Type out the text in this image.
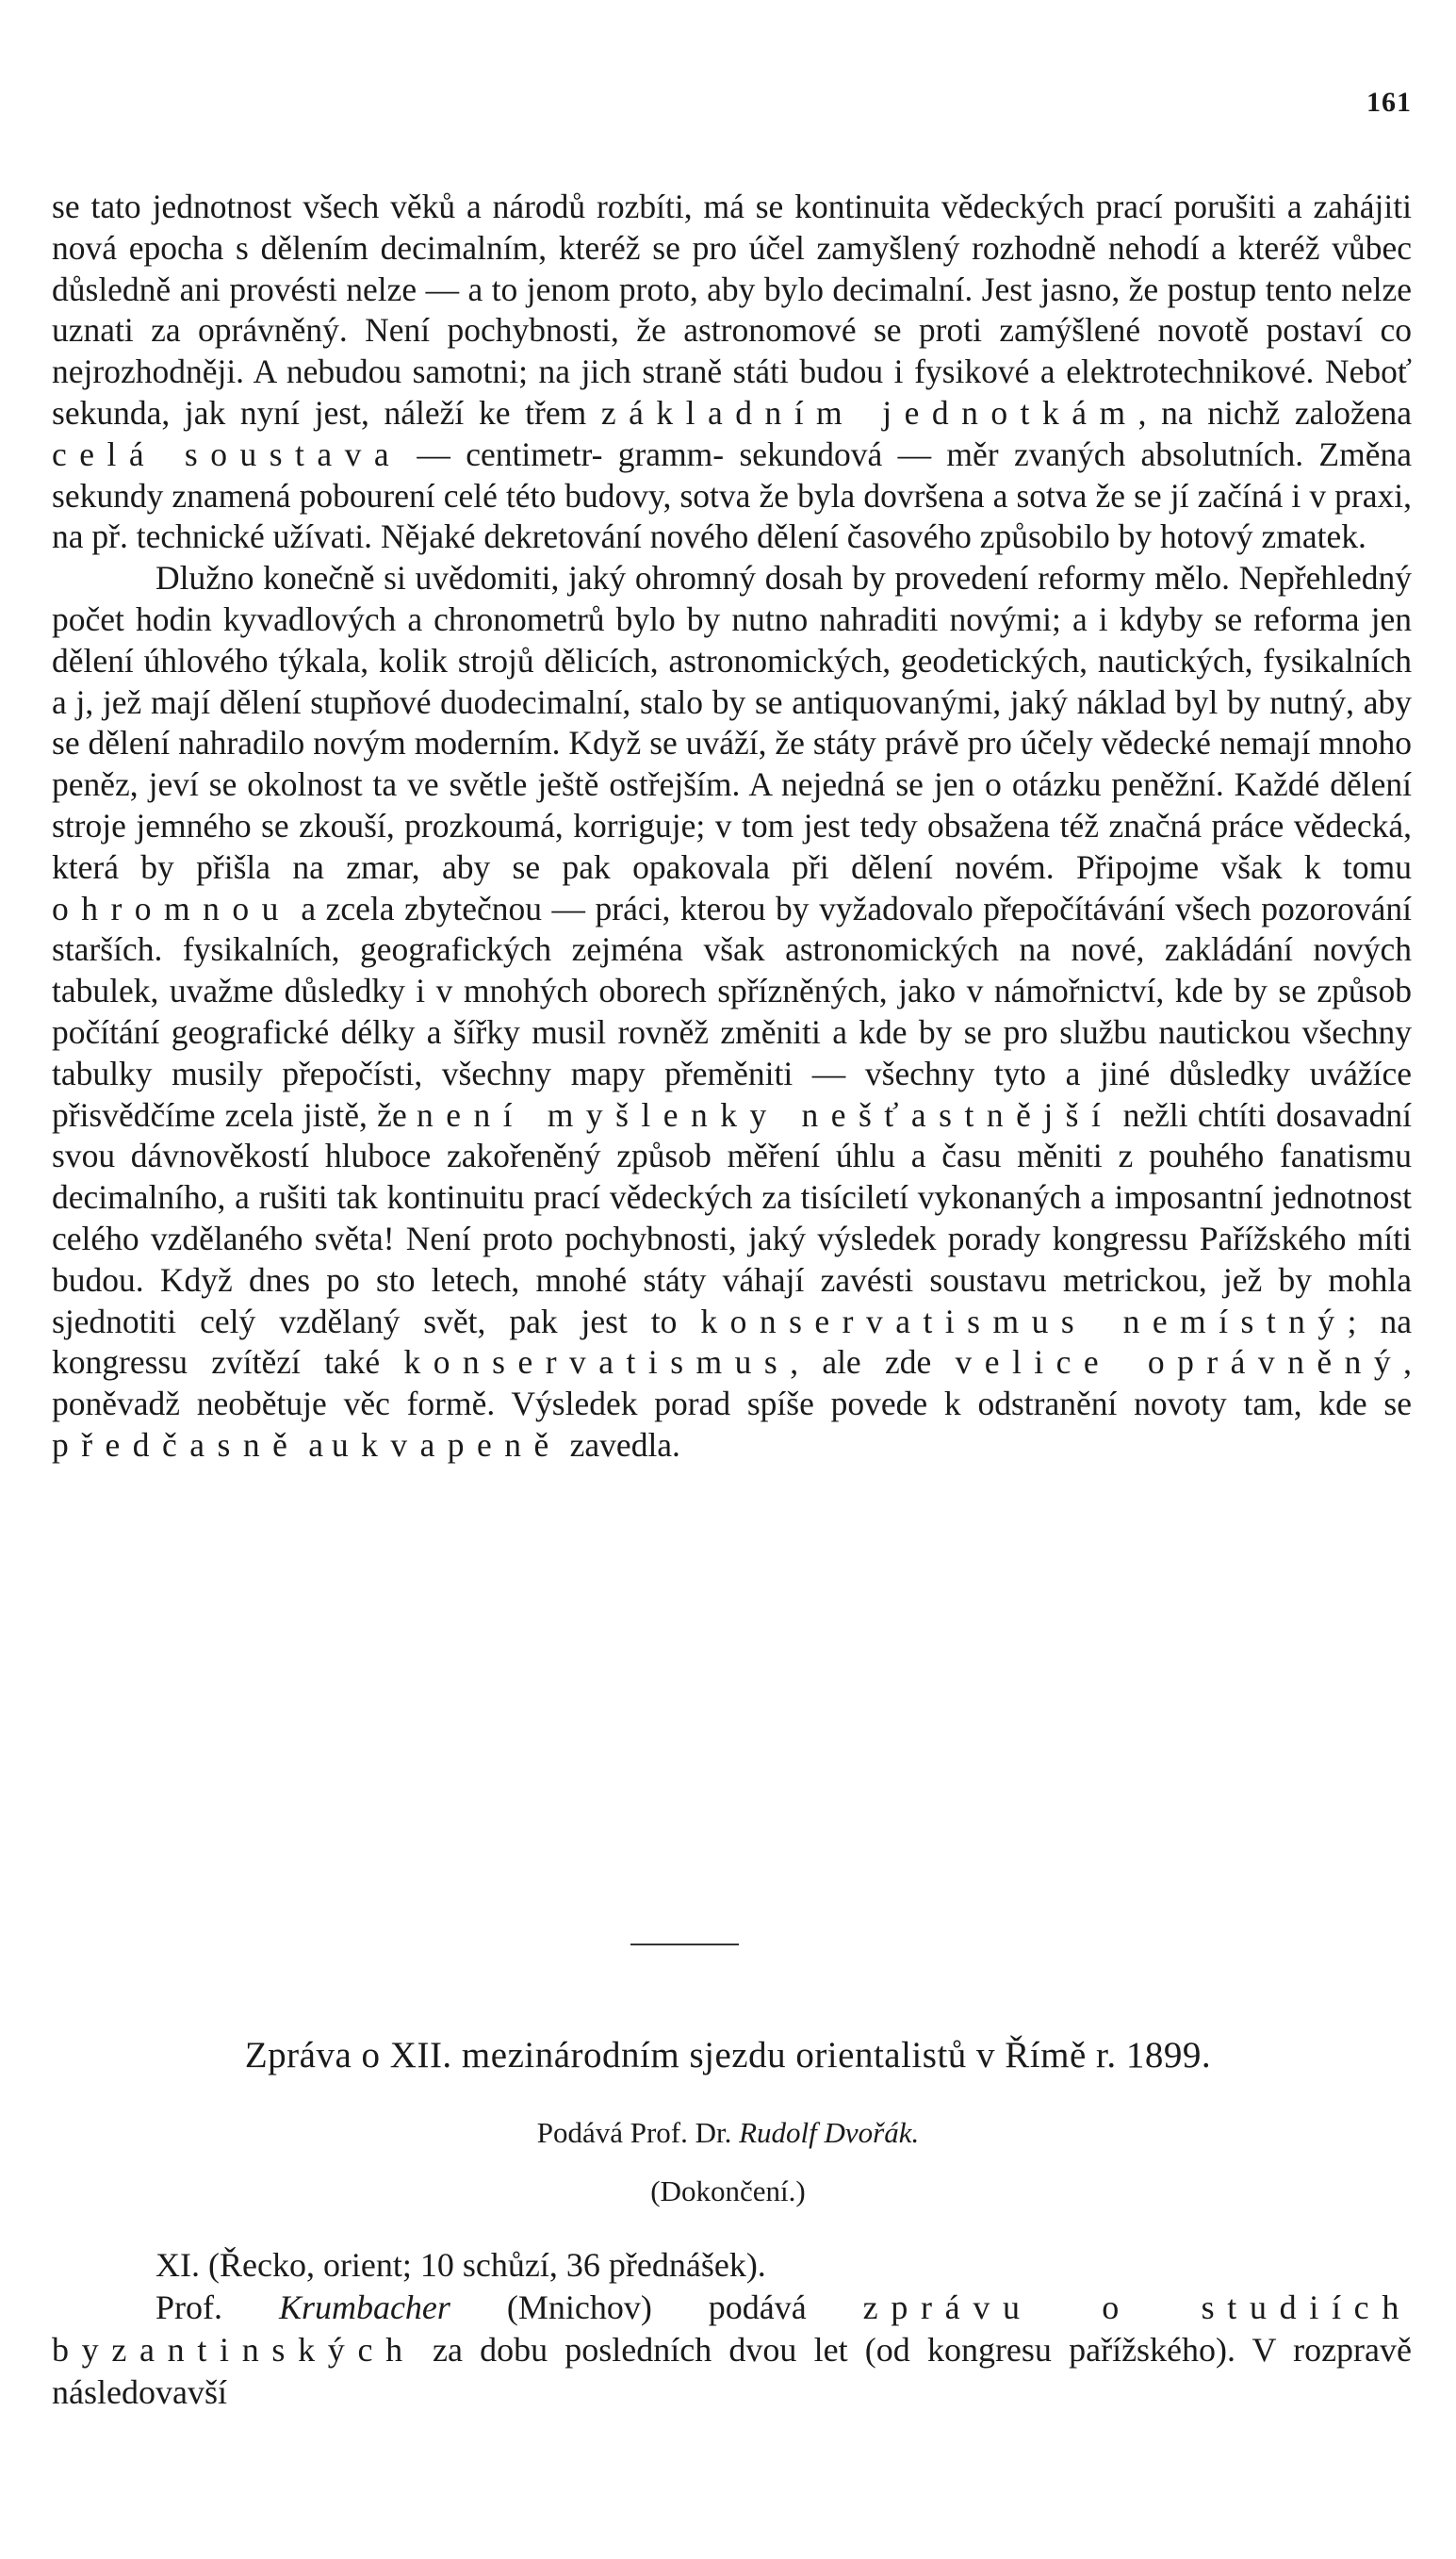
161

se tato jednotnost všech věků a národů rozbíti, má se kontinuita vědeckých prací porušiti a zahájiti nová epocha s dělením decimalním, kteréž se pro účel zamyšlený rozhodně nehodí a kteréž vůbec důsledně ani provésti nelze — a to jenom proto, aby bylo decimalní. Jest jasno, že postup tento nelze uznati za oprávněný. Není pochybnosti, že astronomové se proti zamýšlené novotě postaví co nejrozhodněji. A nebudou samotni; na jich straně státi budou i fysikové a elektrotechnikové. Neboť sekunda, jak nyní jest, náleží ke třem základním jednotkám, na nichž založena celá soustava — centimetr- gramm- sekundová — měr zvaných absolutních. Změna sekundy znamená pobourení celé této budovy, sotva že byla dovršena a sotva že se jí začíná i v praxi, na př. technické užívati. Nějaké dekretování nového dělení časového způsobilo by hotový zmatek.

Dlužno konečně si uvědomiti, jaký ohromný dosah by provedení reformy mělo. Nepřehledný počet hodin kyvadlových a chronometrů bylo by nutno nahraditi novými; a i kdyby se reforma jen dělení úhlového týkala, kolik strojů dělicích, astronomických, geodetických, nautických, fysikalních a j, jež mají dělení stupňové duodecimalní, stalo by se antiquovanými, jaký náklad byl by nutný, aby se dělení nahradilo novým moderním. Když se uváží, že státy právě pro účely vědecké nemají mnoho peněz, jeví se okolnost ta ve světle ještě ostřejším. A nejedná se jen o otázku peněžní. Každé dělení stroje jemného se zkouší, prozkoumá, korriguje; v tom jest tedy obsažena též značná práce vědecká, která by přišla na zmar, aby se pak opakovala při dělení novém. Připojme však k tomu ohromnou a zcela zbytečnou — práci, kterou by vyžadovalo přepočítávání všech pozorování starších. fysikalních, geografických zejména však astronomických na nové, zakládání nových tabulek, uvažme důsledky i v mnohých oborech spřízněných, jako v námořnictví, kde by se způsob počítání geografické délky a šířky musil rovněž změniti a kde by se pro službu nautickou všechny tabulky musily přepočísti, všechny mapy přeměniti — všechny tyto a jiné důsledky uvážíce přisvědčíme zcela jistě, že není myšlenky nešťastnější nežli chtíti dosavadní svou dávnověkostí hluboce zakořeněný způsob měření úhlu a času měniti z pouhého fanatismu decimalního, a rušiti tak kontinuitu prací vědeckých za tisíciletí vykonaných a imposantní jednotnost celého vzdělaného světa! Není proto pochybnosti, jaký výsledek porady kongressu Pařížského míti budou. Když dnes po sto letech, mnohé státy váhají zavésti soustavu metrickou, jež by mohla sjednotiti celý vzdělaný svět, pak jest to konservatismus nemístný; na kongressu zvítězí také konservatismus, ale zde velice oprávněný, poněvadž neobětuje věc formě. Výsledek porad spíše povede k odstranění novoty tam, kde se předčasně a ukvapeně zavedla.

Zpráva o XII. mezinárodním sjezdu orientalistů v Římě r. 1899.
Podává Prof. Dr. Rudolf Dvořák.
(Dokončení.)

XI. (Řecko, orient; 10 schůzí, 36 přednášek).

Prof. Krumbacher (Mnichov) podává zprávu o studiích byzantinských za dobu posledních dvou let (od kongresu pařížského). V rozpravě následovavší
